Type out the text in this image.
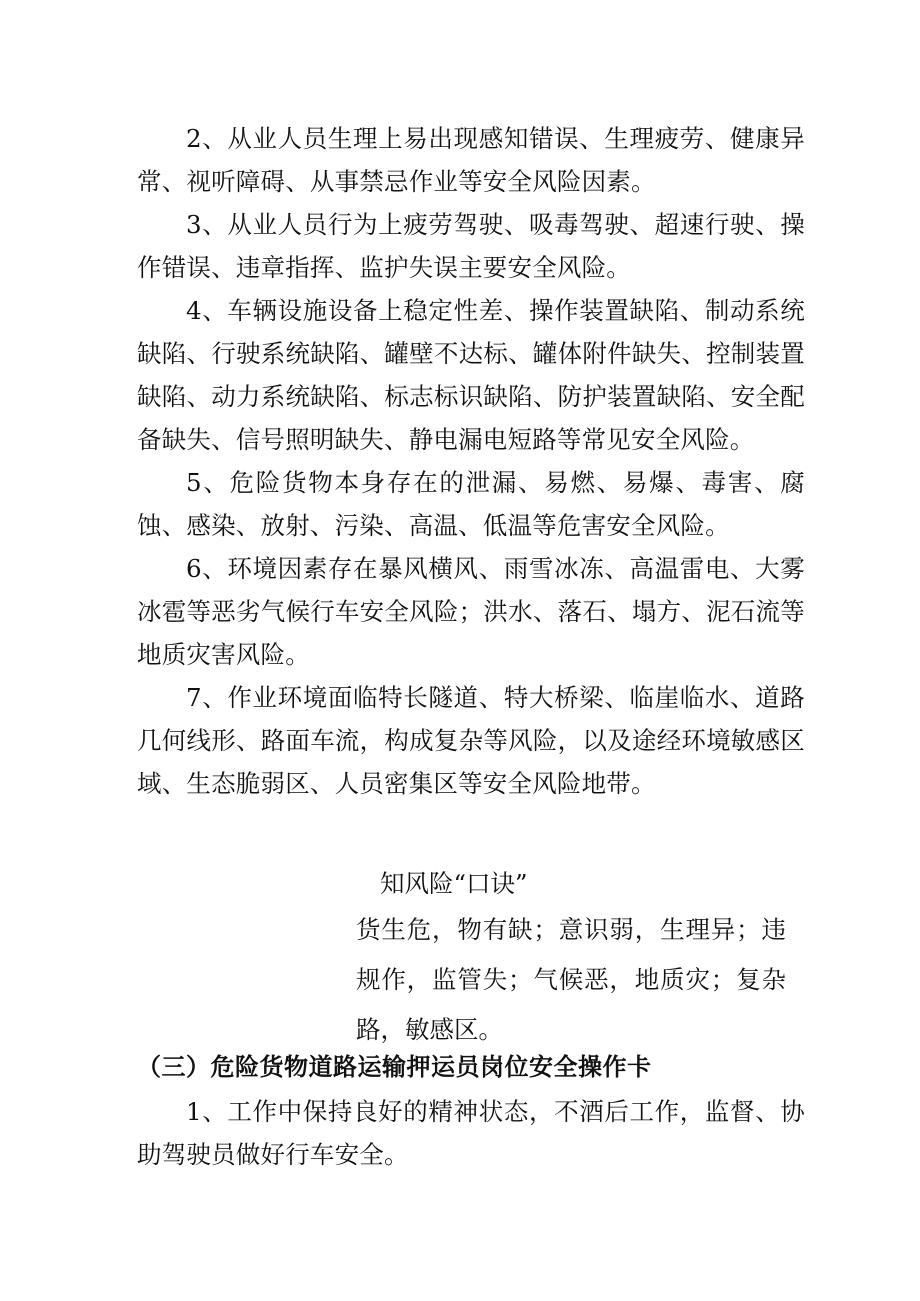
2、从业人员生理上易出现感知错误、生理疲劳、健康异常、视听障碍、从事禁忌作业等安全风险因素。

3、从业人员行为上疲劳驾驶、吸毒驾驶、超速行驶、操作错误、违章指挥、监护失误主要安全风险。

4、车辆设施设备上稳定性差、操作装置缺陷、制动系统缺陷、行驶系统缺陷、罐壁不达标、罐体附件缺失、控制装置缺陷、动力系统缺陷、标志标识缺陷、防护装置缺陷、安全配备缺失、信号照明缺失、静电漏电短路等常见安全风险。

5、危险货物本身存在的泄漏、易燃、易爆、毒害、腐蚀、感染、放射、污染、高温、低温等危害安全风险。

6、环境因素存在暴风横风、雨雪冰冻、高温雷电、大雾冰雹等恶劣气候行车安全风险；洪水、落石、塌方、泥石流等地质灾害风险。

7、作业环境面临特长隧道、特大桥梁、临崖临水、道路几何线形、路面车流，构成复杂等风险，以及途经环境敏感区域、生态脆弱区、人员密集区等安全风险地带。

知风险“口诀”

货生危，物有缺；意识弱，生理异；违规作，监管失；气候恶，地质灾；复杂路，敏感区。

（三）危险货物道路运输押运员岗位安全操作卡

1、工作中保持良好的精神状态，不酒后工作，监督、协助驾驶员做好行车安全。
